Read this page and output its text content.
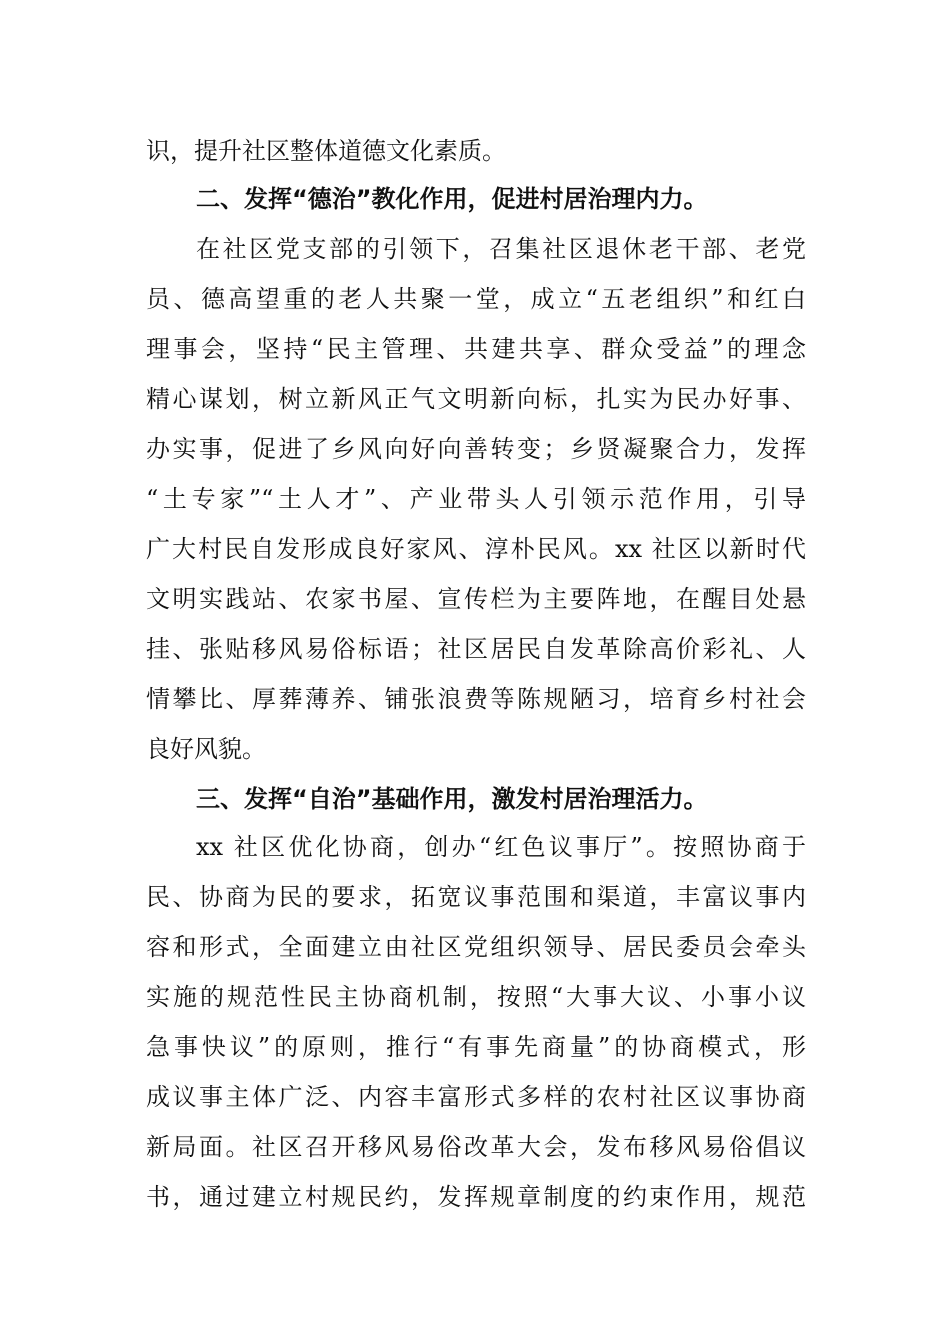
识，提升社区整体道德文化素质。
二、发挥“德治”教化作用，促进村居治理内力。
在社区党支部的引领下，召集社区退休老干部、老党
员、德高望重的老人共聚一堂，成立“五老组织”和红白
理事会，坚持“民主管理、共建共享、群众受益”的理念
精心谋划，树立新风正气文明新向标，扎实为民办好事、
办实事，促进了乡风向好向善转变；乡贤凝聚合力，发挥
“土专家”“土人才”、产业带头人引领示范作用，引导
广大村民自发形成良好家风、淳朴民风。xx 社区以新时代
文明实践站、农家书屋、宣传栏为主要阵地，在醒目处悬
挂、张贴移风易俗标语；社区居民自发革除高价彩礼、人
情攀比、厚葬薄养、铺张浪费等陈规陋习，培育乡村社会
良好风貌。
三、发挥“自治”基础作用，激发村居治理活力。
xx 社区优化协商，创办“红色议事厅”。按照协商于
民、协商为民的要求，拓宽议事范围和渠道，丰富议事内
容和形式，全面建立由社区党组织领导、居民委员会牵头
实施的规范性民主协商机制，按照“大事大议、小事小议
急事快议”的原则，推行“有事先商量”的协商模式，形
成议事主体广泛、内容丰富形式多样的农村社区议事协商
新局面。社区召开移风易俗改革大会，发布移风易俗倡议
书，通过建立村规民约，发挥规章制度的约束作用，规范
